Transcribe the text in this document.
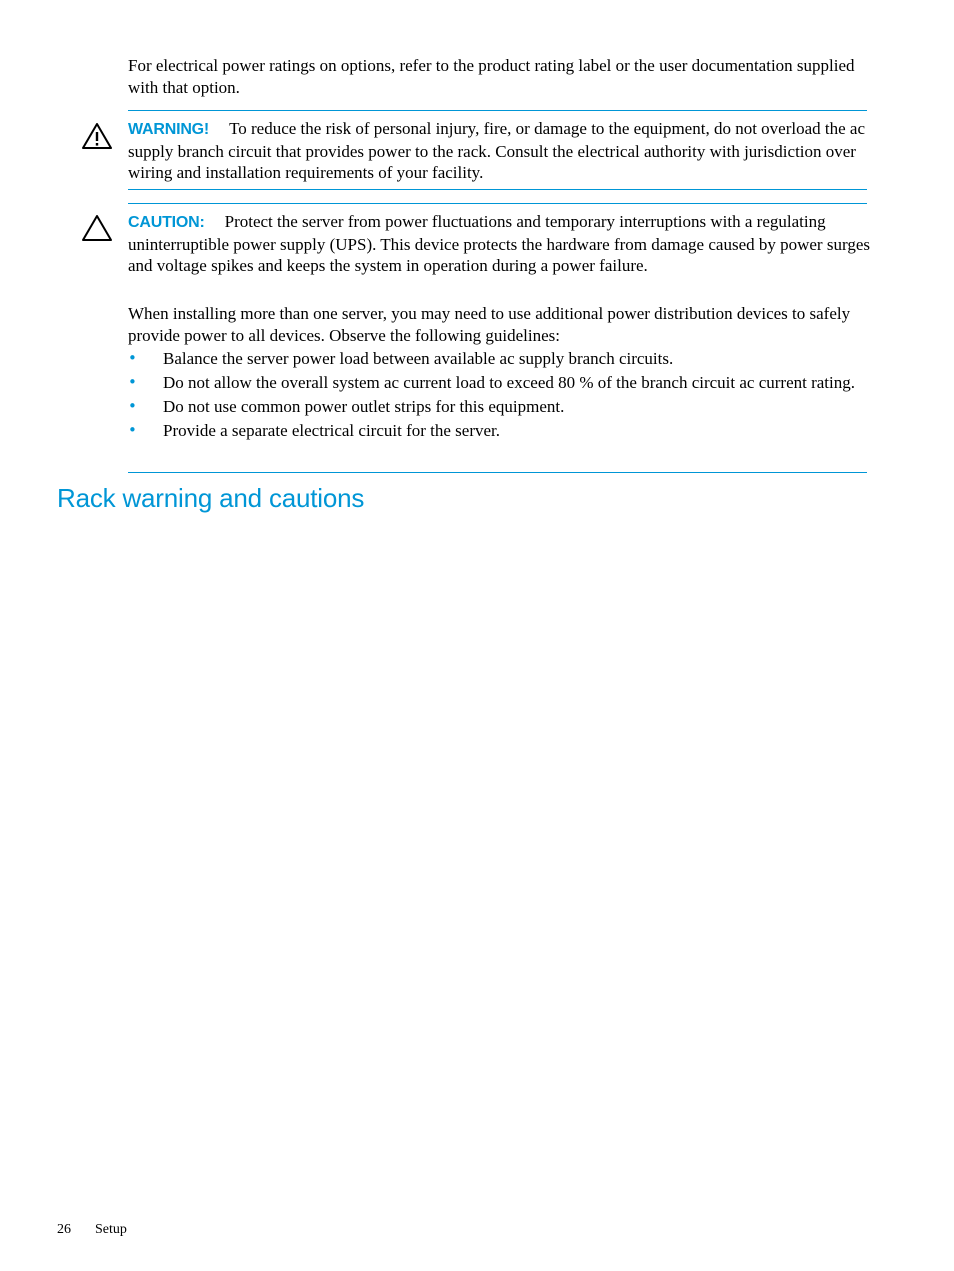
For electrical power ratings on options, refer to the product rating label or the user documentation supplied with that option.
WARNING! To reduce the risk of personal injury, fire, or damage to the equipment, do not overload the ac supply branch circuit that provides power to the rack. Consult the electrical authority with jurisdiction over wiring and installation requirements of your facility.
CAUTION: Protect the server from power fluctuations and temporary interruptions with a regulating uninterruptible power supply (UPS). This device protects the hardware from damage caused by power surges and voltage spikes and keeps the system in operation during a power failure.
When installing more than one server, you may need to use additional power distribution devices to safely provide power to all devices. Observe the following guidelines:
• Balance the server power load between available ac supply branch circuits.
• Do not allow the overall system ac current load to exceed 80 % of the branch circuit ac current rating.
• Do not use common power outlet strips for this equipment.
• Provide a separate electrical circuit for the server.
Rack warning and cautions
26 Setup
